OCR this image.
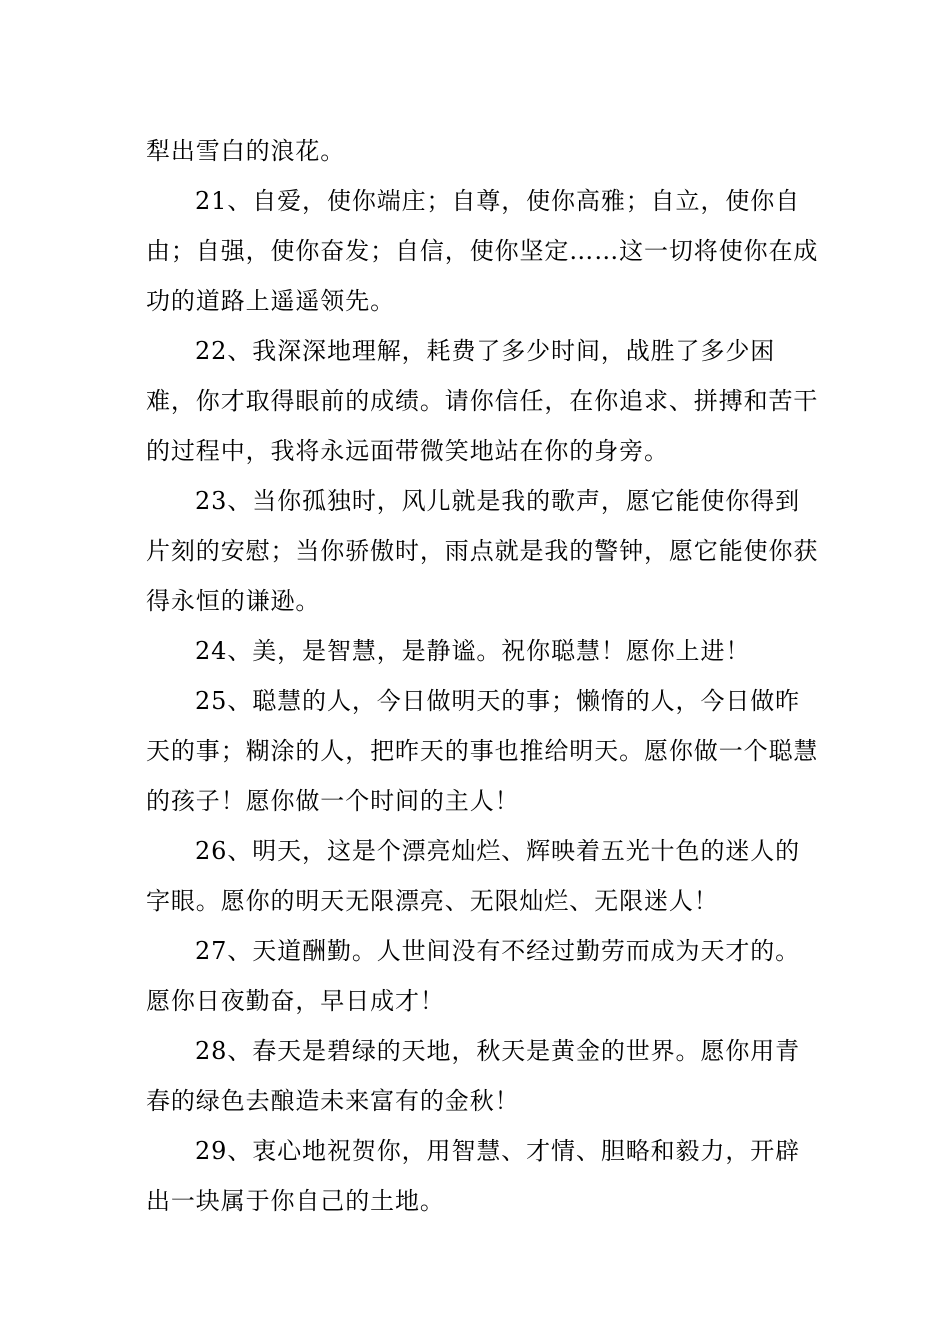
犁出雪白的浪花。

21、自爱，使你端庄；自尊，使你高雅；自立，使你自由；自强，使你奋发；自信，使你坚定……这一切将使你在成功的道路上遥遥领先。

22、我深深地理解，耗费了多少时间，战胜了多少困难，你才取得眼前的成绩。请你信任，在你追求、拼搏和苦干的过程中，我将永远面带微笑地站在你的身旁。

23、当你孤独时，风儿就是我的歌声，愿它能使你得到片刻的安慰；当你骄傲时，雨点就是我的警钟，愿它能使你获得永恒的谦逊。

24、美，是智慧，是静谧。祝你聪慧！愿你上进！

25、聪慧的人，今日做明天的事；懒惰的人，今日做昨天的事；糊涂的人，把昨天的事也推给明天。愿你做一个聪慧的孩子！愿你做一个时间的主人！

26、明天，这是个漂亮灿烂、辉映着五光十色的迷人的字眼。愿你的明天无限漂亮、无限灿烂、无限迷人！

27、天道酬勤。人世间没有不经过勤劳而成为天才的。愿你日夜勤奋，早日成才！

28、春天是碧绿的天地，秋天是黄金的世界。愿你用青春的绿色去酿造未来富有的金秋！

29、衷心地祝贺你，用智慧、才情、胆略和毅力，开辟出一块属于你自己的土地。
